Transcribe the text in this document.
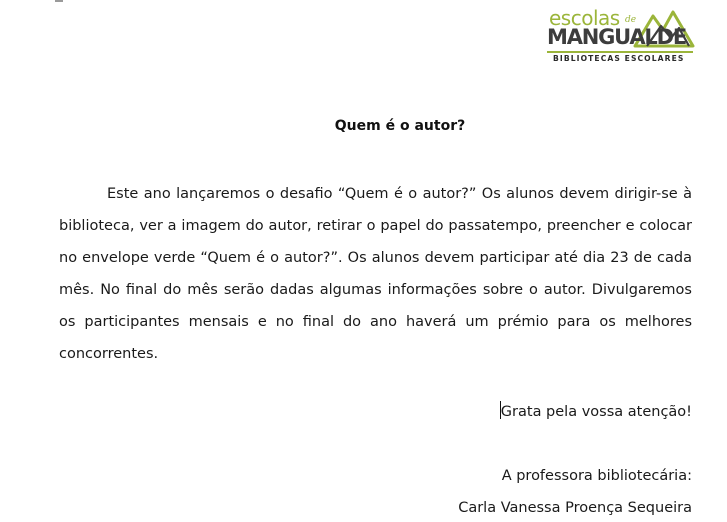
escolas de
MANGUALDE
BIBLIOTECAS ESCOLARES
Quem é o autor?
Este ano lançaremos o desafio “Quem é o autor?” Os alunos devem dirigir-se à biblioteca, ver a imagem do autor, retirar o papel do passatempo, preencher e colocar no envelope verde “Quem é o autor?”. Os alunos devem participar até dia 23 de cada mês. No final do mês serão dadas algumas informações sobre o autor. Divulgaremos os participantes mensais e no final do ano haverá um prémio para os melhores concorrentes.
Grata pela vossa atenção!
A professora bibliotecária:
Carla Vanessa Proença Sequeira
